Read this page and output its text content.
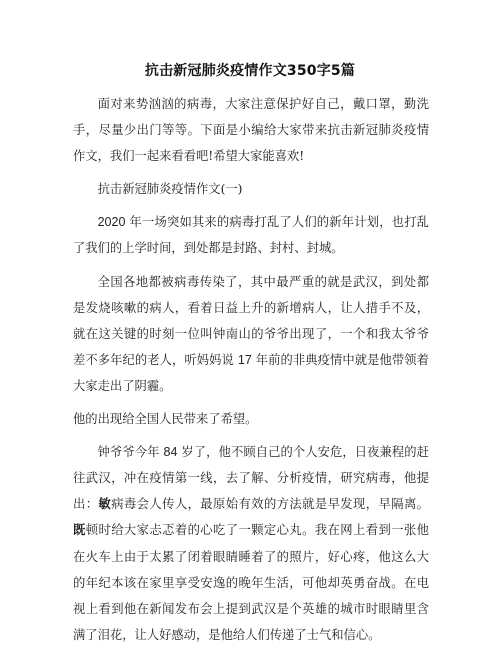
抗击新冠肺炎疫情作文350字5篇

面对来势汹汹的病毒，大家注意保护好自己，戴口罩，勤洗手，尽量少出门等等。下面是小编给大家带来抗击新冠肺炎疫情作文，我们一起来看看吧!希望大家能喜欢!

抗击新冠肺炎疫情作文(一)

2020 年一场突如其来的病毒打乱了人们的新年计划，也打乱了我们的上学时间，到处都是封路、封村、封城。

全国各地都被病毒传染了，其中最严重的就是武汉，到处都是发烧咳嗽的病人，看着日益上升的新增病人，让人措手不及，就在这关键的时刻一位叫钟南山的爷爷出现了，一个和我太爷爷差不多年纪的老人，听妈妈说 17 年前的非典疫情中就是他带领着大家走出了阴霾。

他的出现给全国人民带来了希望。

钟爷爷今年 84 岁了，他不顾自己的个人安危，日夜兼程的赶往武汉，冲在疫情第一线，去了解、分析疫情，研究病毒，他提出：敏病毒会人传人，最原始有效的方法就是早发现，早隔离。既顿时给大家忐忑着的心吃了一颗定心丸。我在网上看到一张他在火车上由于太累了闭着眼睛睡着了的照片，好心疼，他这么大的年纪本该在家里享受安逸的晚年生活，可他却英勇奋战。在电视上看到他在新闻发布会上提到武汉是个英雄的城市时眼睛里含满了泪花，让人好感动，是他给人们传递了士气和信心。
